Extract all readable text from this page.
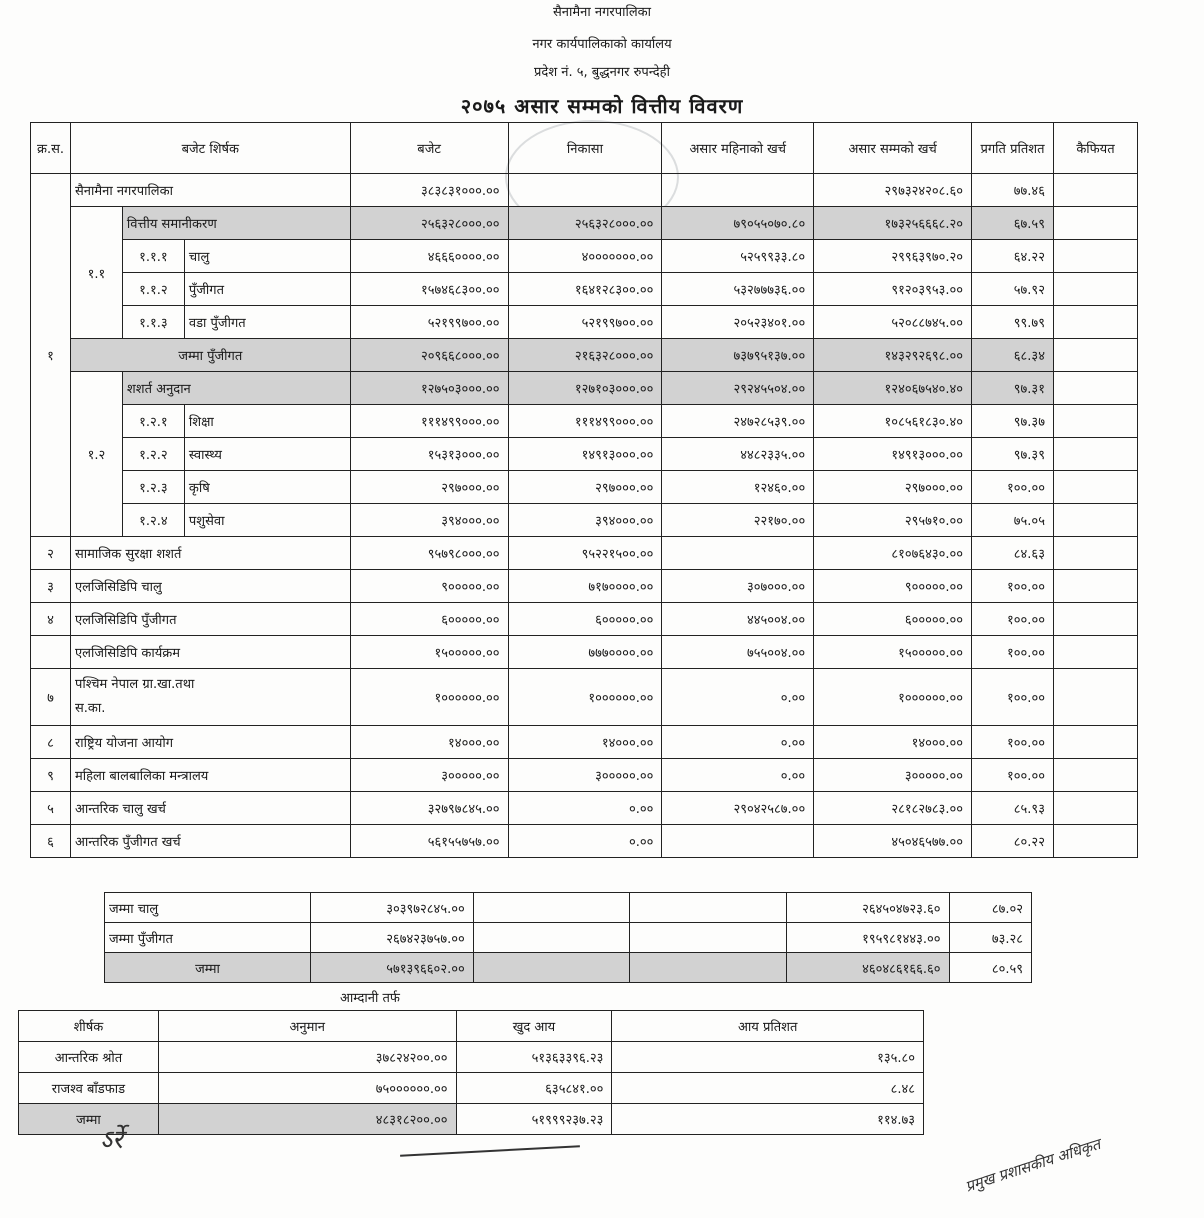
सैनामैना नगरपालिका
नगर कार्यपालिकाको कार्यालय
प्रदेश नं. ५, बुद्धनगर रुपन्देही
२०७५ असार सम्मको वित्तीय विवरण
क्र.स.	बजेट शिर्षक			बजेट	निकासा	असार महिनाको खर्च	असार सम्मको खर्च	प्रगति प्रतिशत	कैफियत
१	सैनामैना नगरपालिका			३८३८३१०००.००			२९७३२४२०८.६०	७७.४६	
	१.१	वित्तीय समानीकरण		२५६३२८०००.००	२५६३२८०००.००	७९०५५०७०.८०	१७३२५६६६८.२०	६७.५९	
		१.१.१	चालु	४६६६००००.००	४०००००००.००	५२५९९३३.८०	२९९६३९७०.२०	६४.२२	
		१.१.२	पुँजीगत	१५७४६८३००.००	१६४१२८३००.००	५३२७७७३६.००	९१२०३९५३.००	५७.९२	
		१.१.३	वडा पुँजीगत	५२१९९७००.००	५२१९९७००.००	२०५२३४०१.००	५२०८८७४५.००	९९.७९	
	जम्मा पुँजीगत			२०९६६८०००.००	२१६३२८०००.००	७३७९५१३७.००	१४३२९२६९८.००	६८.३४	
	१.२	शशर्त अनुदान		१२७५०३०००.००	१२७१०३०००.००	२९२४५५०४.००	१२४०६७५४०.४०	९७.३१	
		१.२.१	शिक्षा	१११४९९०००.००	१११४९९०००.००	२४७२८५३९.००	१०८५६१८३०.४०	९७.३७	
		१.२.२	स्वास्थ्य	१५३१३०००.००	१४९१३०००.००	४४८२३३५.००	१४९१३०००.००	९७.३९	
		१.२.३	कृषि	२९७०००.००	२९७०००.००	१२४६०.००	२९७०००.००	१००.००	
		१.२.४	पशुसेवा	३९४०००.००	३९४०००.००	२२१७०.००	२९५७१०.००	७५.०५	
२	सामाजिक सुरक्षा शशर्त			९५७९८०००.००	९५२२१५००.००		८१०७६४३०.००	८४.६३	
३	एलजिसिडिपि चालु			९०००००.००	७१७००००.००	३०७०००.००	९०००००.००	१००.००	
४	एलजिसिडिपि पुँजीगत			६०००००.००	६०००००.००	४४५००४.००	६०००००.००	१००.००	
	एलजिसिडिपि कार्यक्रम			१५०००००.००	७७७००००.००	७५५००४.००	१५०००००.००	१००.००	
७	पश्चिम नेपाल ग्रा.खा.तथा
स.का.			१००००००.००	१००००००.००	०.००	१००००००.००	१००.००	
८	राष्ट्रिय योजना आयोग			१४०००.००	१४०००.००	०.००	१४०००.००	१००.००	
९	महिला बालबालिका मन्त्रालय			३०००००.००	३०००००.००	०.००	३०००००.००	१००.००	
५	आन्तरिक चालु खर्च			३२७९७८४५.००	०.००	२९०४२५८७.००	२८१८२७८३.००	८५.९३	
६	आन्तरिक पुँजीगत खर्च			५६१५५७५७.००	०.००		४५०४६५७७.००	८०.२२	
जम्मा चालु	३०३९७२८४५.००			२६४५०४७२३.६०	८७.०२
जम्मा पुँजीगत	२६७४२३७५७.००			१९५९८१४४३.००	७३.२८
जम्मा	५७१३९६६०२.००			४६०४८६१६६.६०	८०.५९
आम्दानी तर्फ
शीर्षक	अनुमान	खुद आय	आय प्रतिशत
आन्तरिक श्रोत	३७८२४२००.००	५१३६३३९६.२३	१३५.८०
राजश्व बाँडफाड	७५००००००.००	६३५८४१.००	८.४८
जम्मा	४८३१८२००.००	५१९९९२३७.२३	११४.७३
ऽर्रे	प्रमुख प्रशासकीय अधिकृत
